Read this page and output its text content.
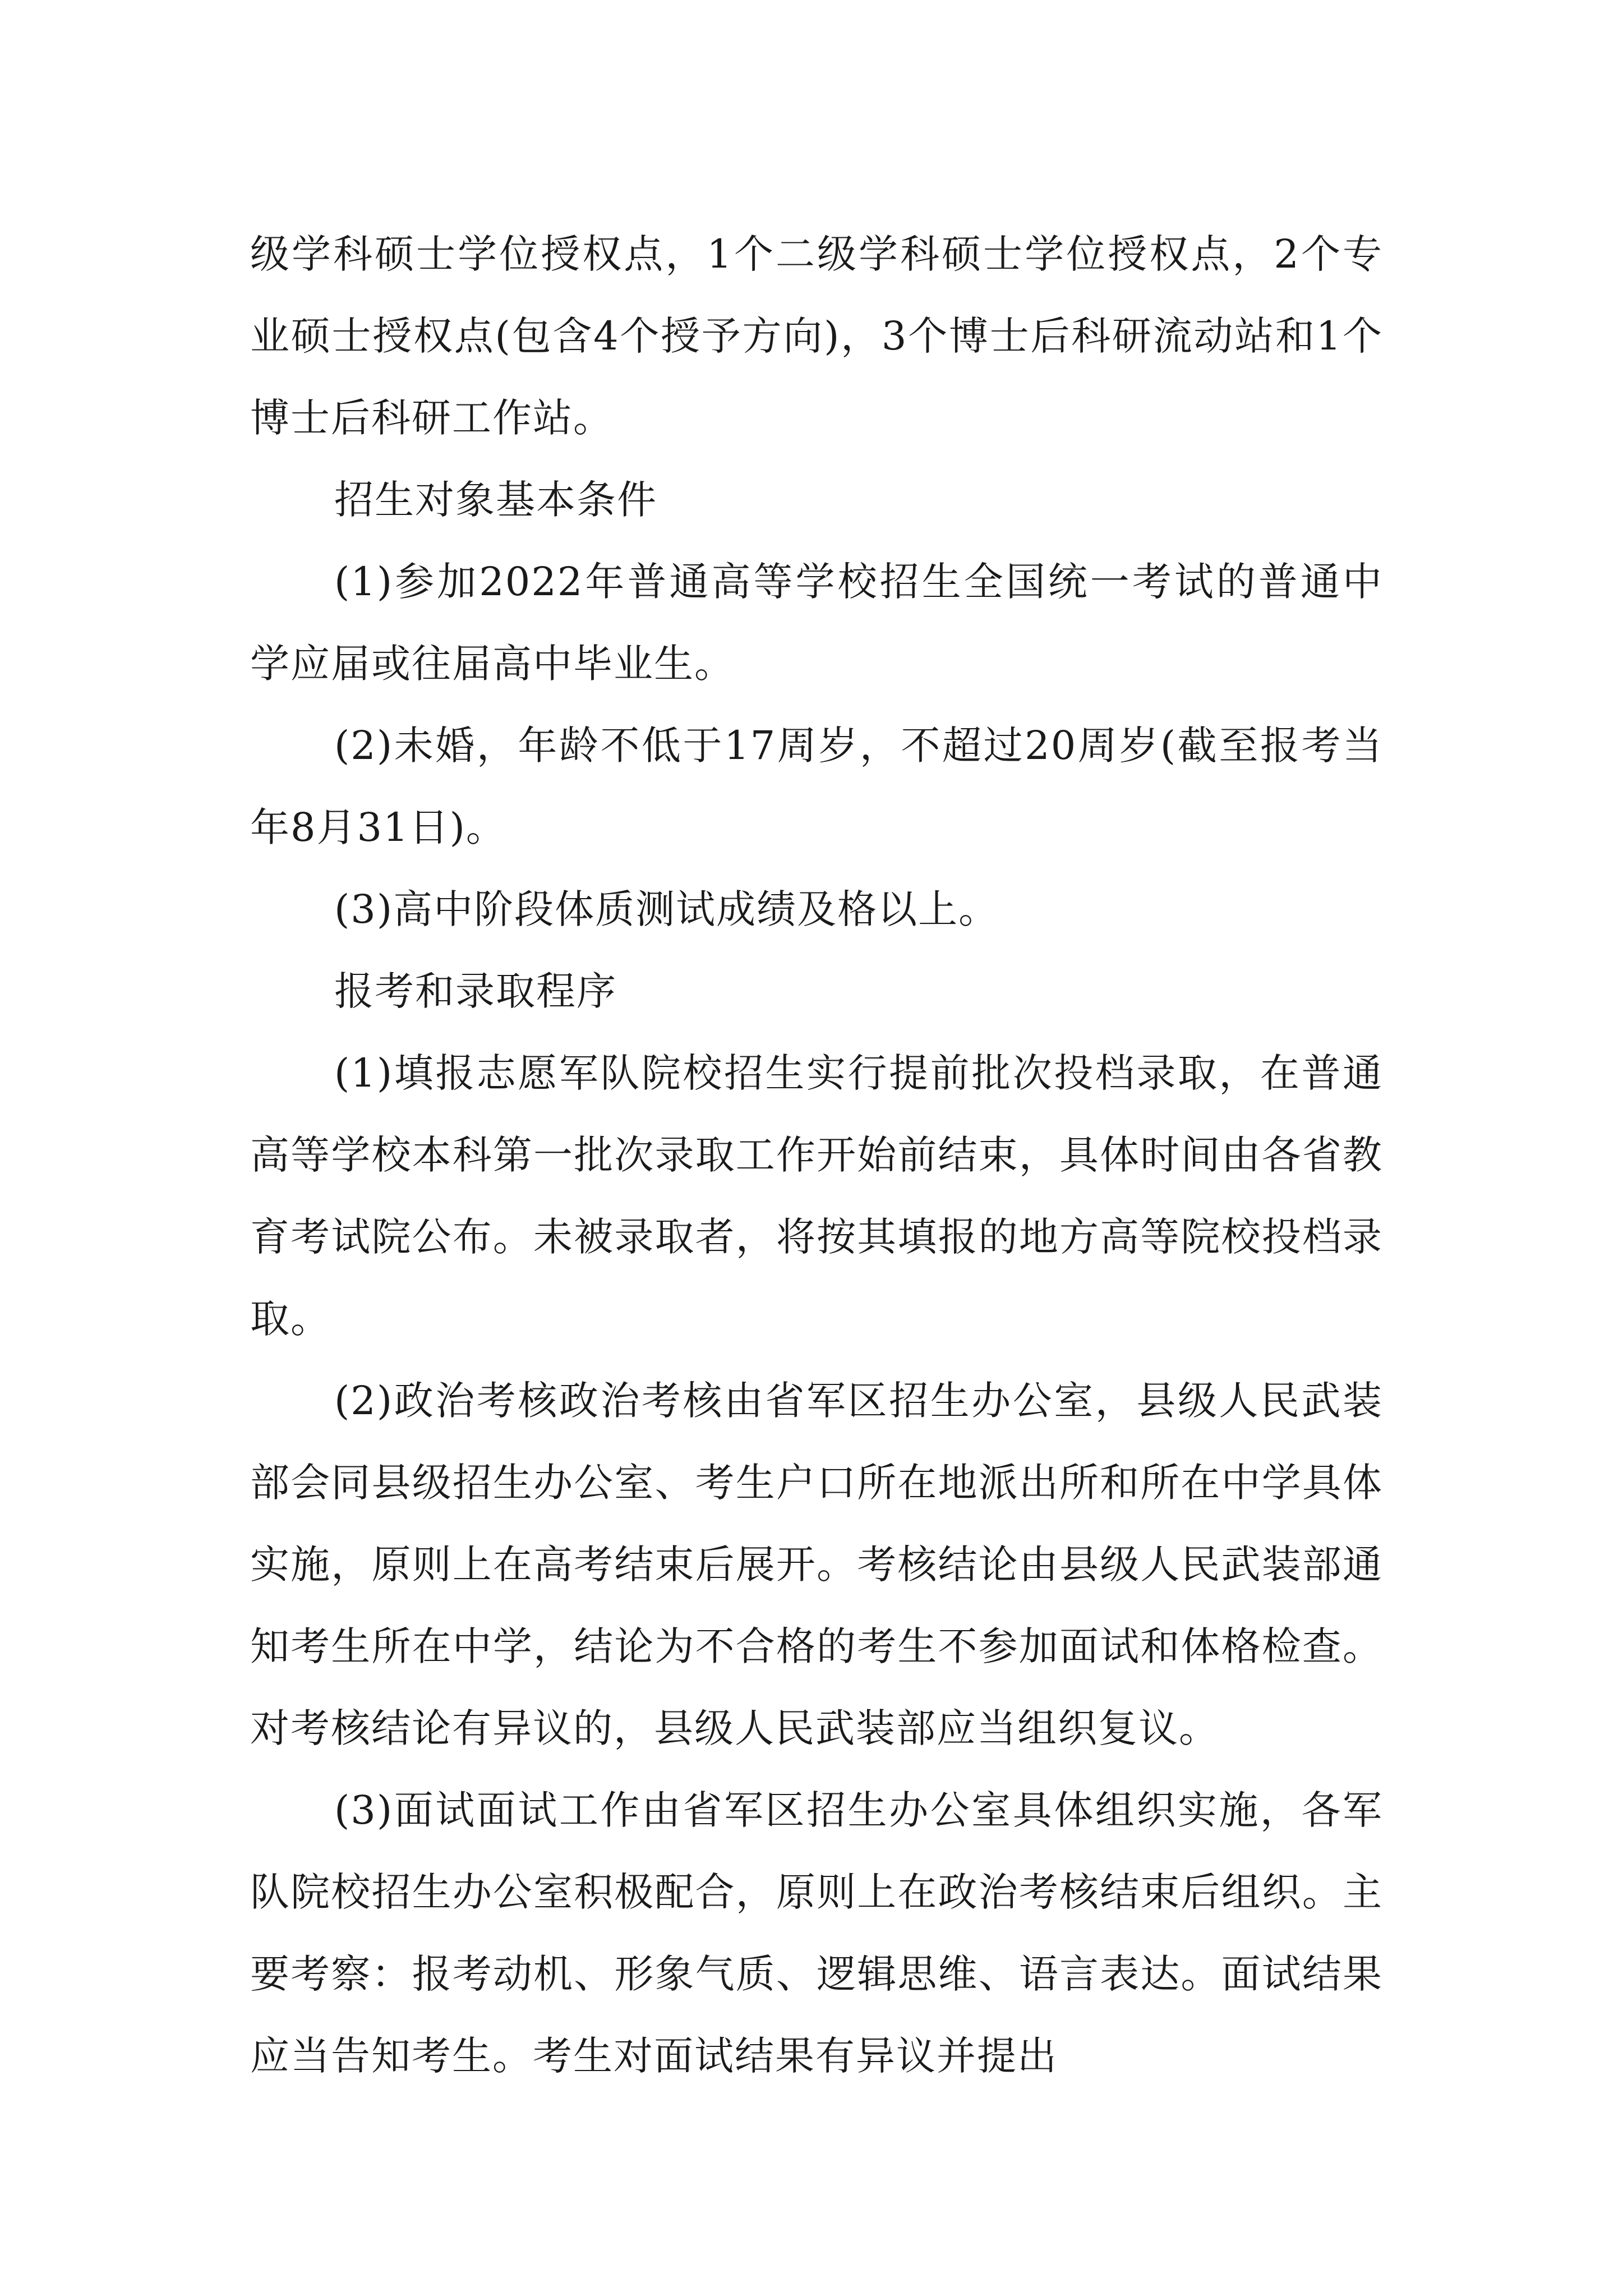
级学科硕士学位授权点，1个二级学科硕士学位授权点，2个专业硕士授权点(包含4个授予方向)，3个博士后科研流动站和1个博士后科研工作站。

招生对象基本条件

(1)参加2022年普通高等学校招生全国统一考试的普通中学应届或往届高中毕业生。

(2)未婚，年龄不低于17周岁，不超过20周岁(截至报考当年8月31日)。

(3)高中阶段体质测试成绩及格以上。

报考和录取程序

(1)填报志愿军队院校招生实行提前批次投档录取，在普通高等学校本科第一批次录取工作开始前结束，具体时间由各省教育考试院公布。未被录取者，将按其填报的地方高等院校投档录取。

(2)政治考核政治考核由省军区招生办公室，县级人民武装部会同县级招生办公室、考生户口所在地派出所和所在中学具体实施，原则上在高考结束后展开。考核结论由县级人民武装部通知考生所在中学，结论为不合格的考生不参加面试和体格检查。对考核结论有异议的，县级人民武装部应当组织复议。

(3)面试面试工作由省军区招生办公室具体组织实施，各军队院校招生办公室积极配合，原则上在政治考核结束后组织。主要考察：报考动机、形象气质、逻辑思维、语言表达。面试结果应当告知考生。考生对面试结果有异议并提出
